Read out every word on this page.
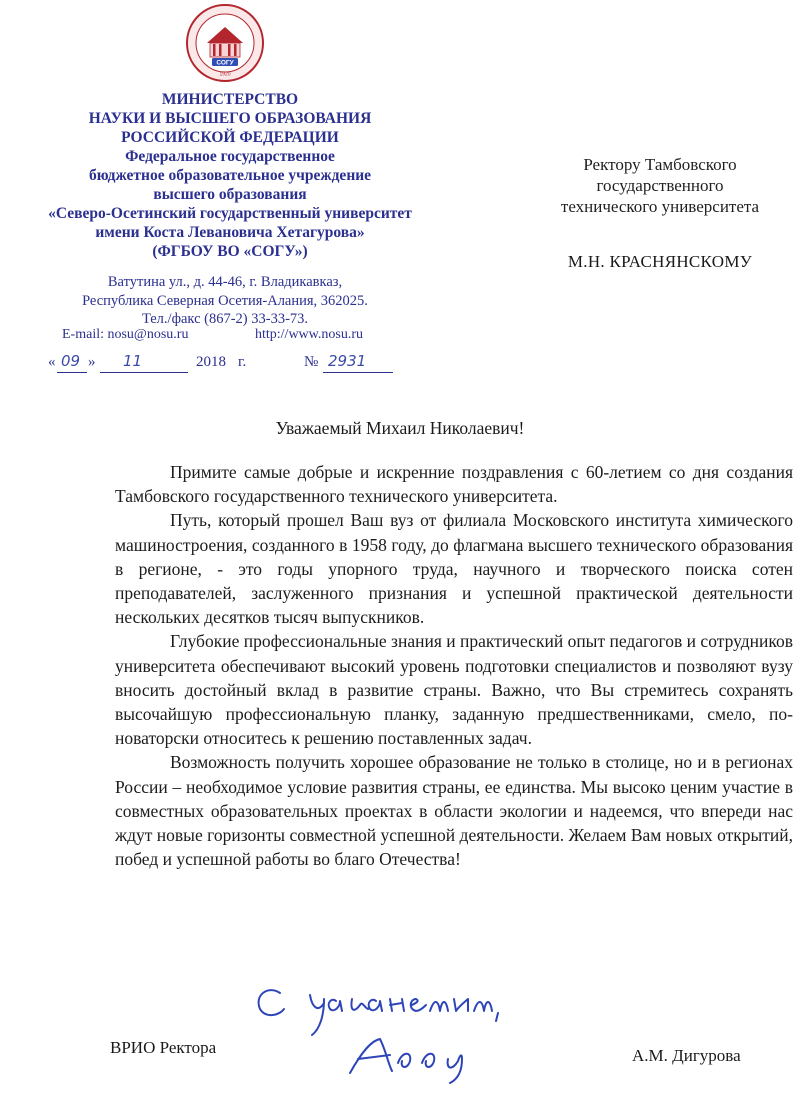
СОГУ
1920
МИНИСТЕРСТВО
НАУКИ И ВЫСШЕГО ОБРАЗОВАНИЯ
РОССИЙСКОЙ ФЕДЕРАЦИИ
Федеральное государственное
бюджетное образовательное учреждение
высшего образования
«Северо-Осетинский государственный университет
имени Коста Левановича Хетагурова»
(ФГБОУ ВО «СОГУ»)
Ватутина ул., д. 44-46, г. Владикавказ,
Республика Северная Осетия-Алания, 362025.
Тел./факс (867-2) 33-33-73.
E-mail: nosu@nosu.ru	http://www.nosu.ru
« 09 » 11	2018 г.	№ 2931
Ректору Тамбовского
государственного
технического университета
М.Н. КРАСНЯНСКОМУ
Уважаемый Михаил Николаевич!

Примите самые добрые и искренние поздравления с 60-летием со дня создания Тамбовского государственного технического университета.

Путь, который прошел Ваш вуз от филиала Московского института химического машиностроения, созданного в 1958 году, до флагмана высшего технического образования в регионе, - это годы упорного труда, научного и творческого поиска сотен преподавателей, заслуженного признания и успешной практической деятельности нескольких десятков тысяч выпускников.

Глубокие профессиональные знания и практический опыт педагогов и сотрудников университета обеспечивают высокий уровень подготовки специалистов и позволяют вузу вносить достойный вклад в развитие страны. Важно, что Вы стремитесь сохранять высочайшую профессиональную планку, заданную предшественниками, смело, по-новаторски относитесь к решению поставленных задач.

Возможность получить хорошее образование не только в столице, но и в регионах России – необходимое условие развития страны, ее единства. Мы высоко ценим участие в совместных образовательных проектах в области экологии и надеемся, что впереди нас ждут новые горизонты совместной успешной деятельности. Желаем Вам новых открытий, побед и успешной работы во благо Отечества!

ВРИО Ректора	А.М. Дигурова
